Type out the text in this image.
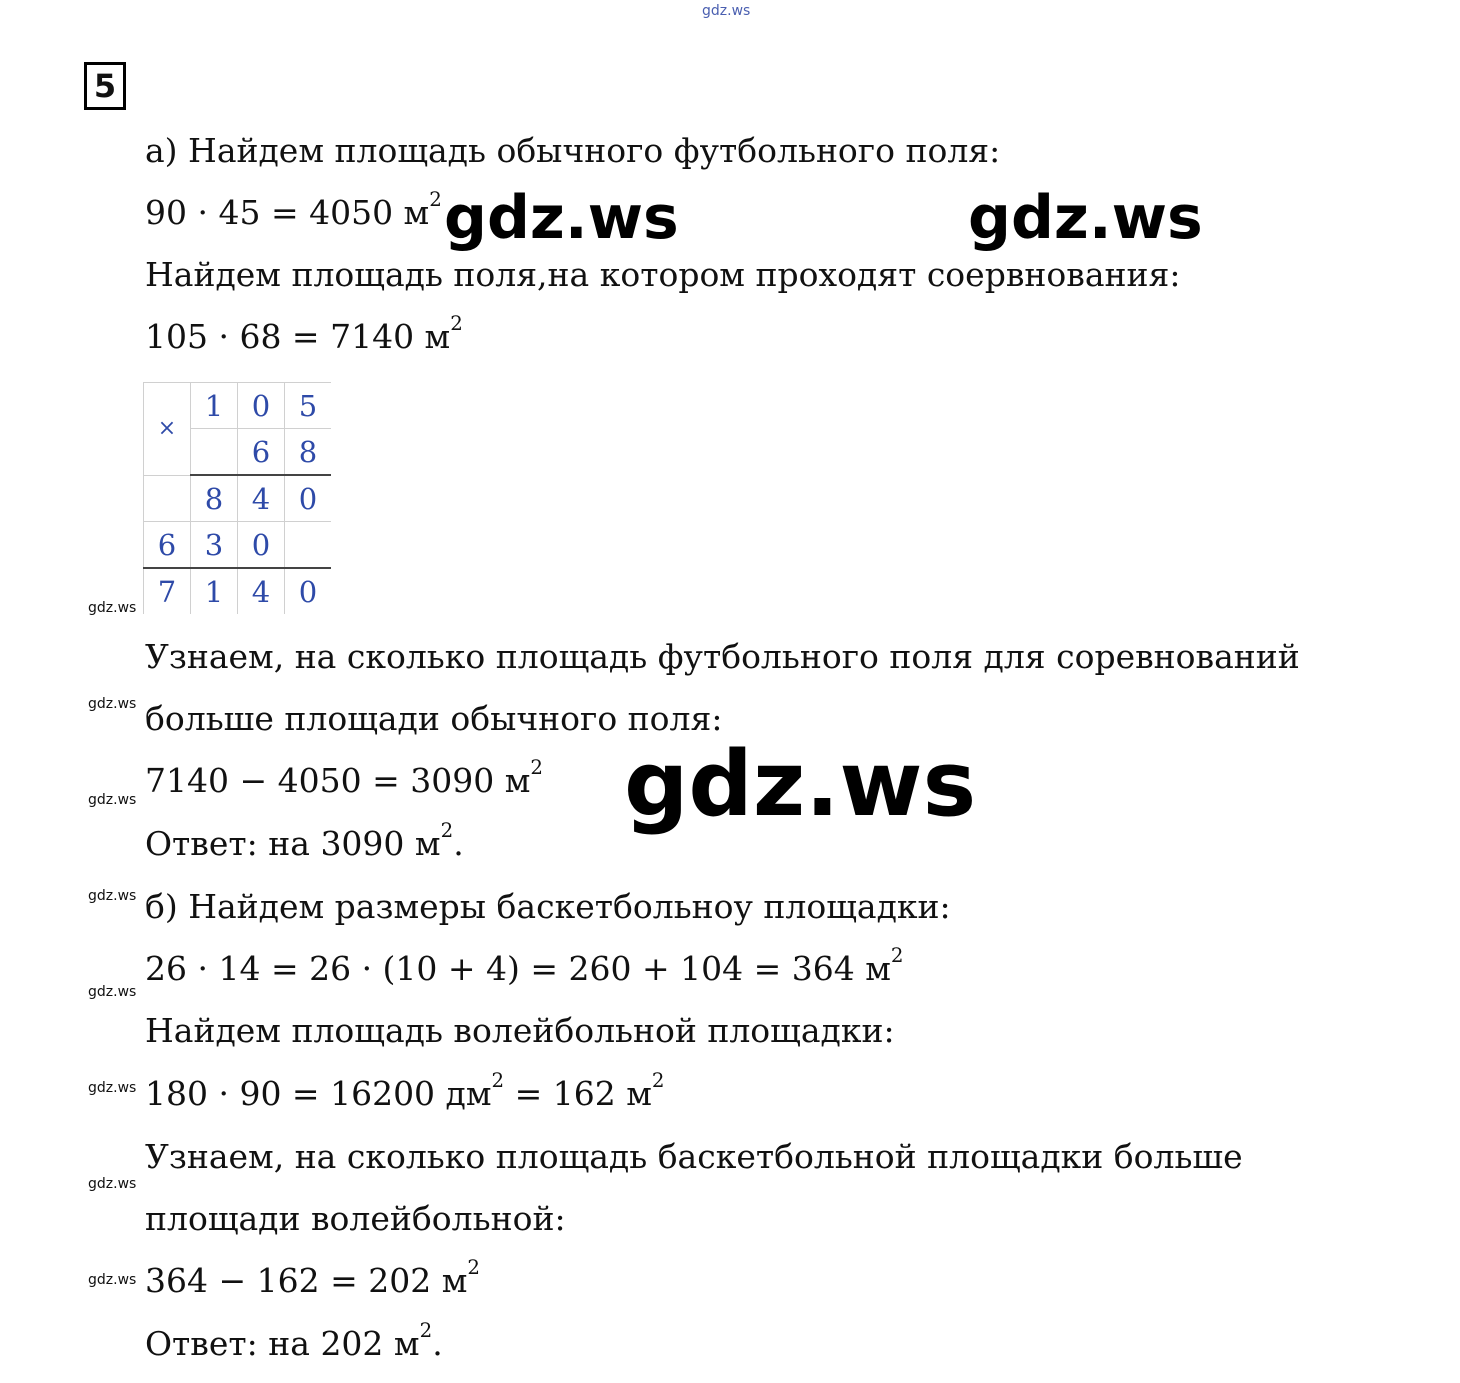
gdz.ws
5
а) Найдем площадь обычного футбольного поля:
90 · 45 = 4050 $м^2$
Найдем площадь поля,на котором проходят соервнования:
105 · 68 = 7140 $м^2$
×	1	0	5
		6	8
	8	4	0
6	3	0	
7	1	4	0
Узнаем, на сколько площадь футбольного поля для соревнований
больше площади обычного поля:
7140 − 4050 = 3090 $м^2$
Ответ: на 3090 $м^2$.
б) Найдем размеры баскетбольноу площадки:
26 · 14 = 26 · (10 + 4) = 260 + 104 = 364 $м^2$
Найдем площадь волейбольной площадки:
180 · 90 = 16200 $дм^2 = 162$ $м^2$
Узнаем, на сколько площадь баскетбольной площадки больше
площади волейбольной:
364 − 162 = 202 $м^2$
Ответ: на 202 $м^2$.
gdz.ws	gdz.ws
gdz.ws
gdz.ws
gdz.ws
gdz.ws
gdz.ws
gdz.ws
gdz.ws
gdz.ws
gdz.ws
